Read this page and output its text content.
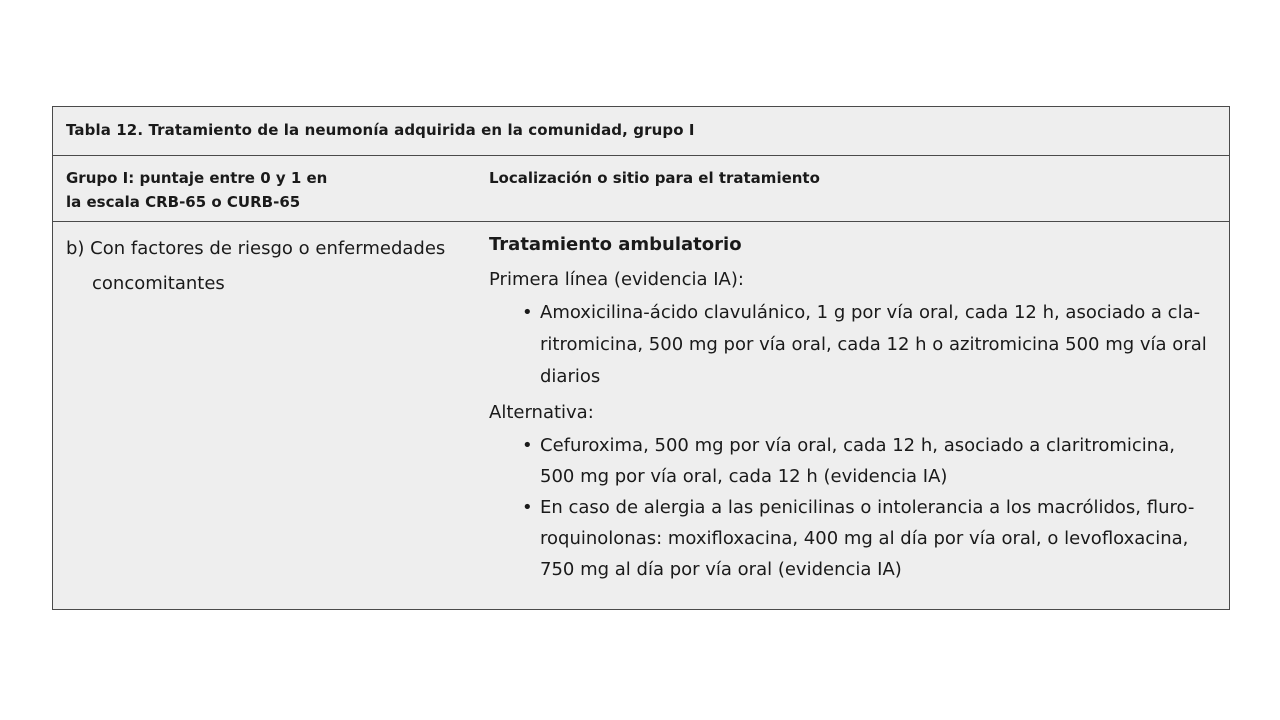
Tabla 12. Tratamiento de la neumonía adquirida en la comunidad, grupo I
Grupo I: puntaje entre 0 y 1 en
la escala CRB-65 o CURB-65
Localización o sitio para el tratamiento
b) Con factores de riesgo o enfermedades
concomitantes
Tratamiento ambulatorio
Primera línea (evidencia IA):
• Amoxicilina-ácido clavulánico, 1 g por vía oral, cada 12 h, asociado a cla-
ritromicina, 500 mg por vía oral, cada 12 h o azitromicina 500 mg vía oral
diarios
Alternativa:
• Cefuroxima, 500 mg por vía oral, cada 12 h, asociado a claritromicina,
500 mg por vía oral, cada 12 h (evidencia IA)
• En caso de alergia a las penicilinas o intolerancia a los macrólidos, fluro-
roquinolonas: moxifloxacina, 400 mg al día por vía oral, o levofloxacina,
750 mg al día por vía oral (evidencia IA)
